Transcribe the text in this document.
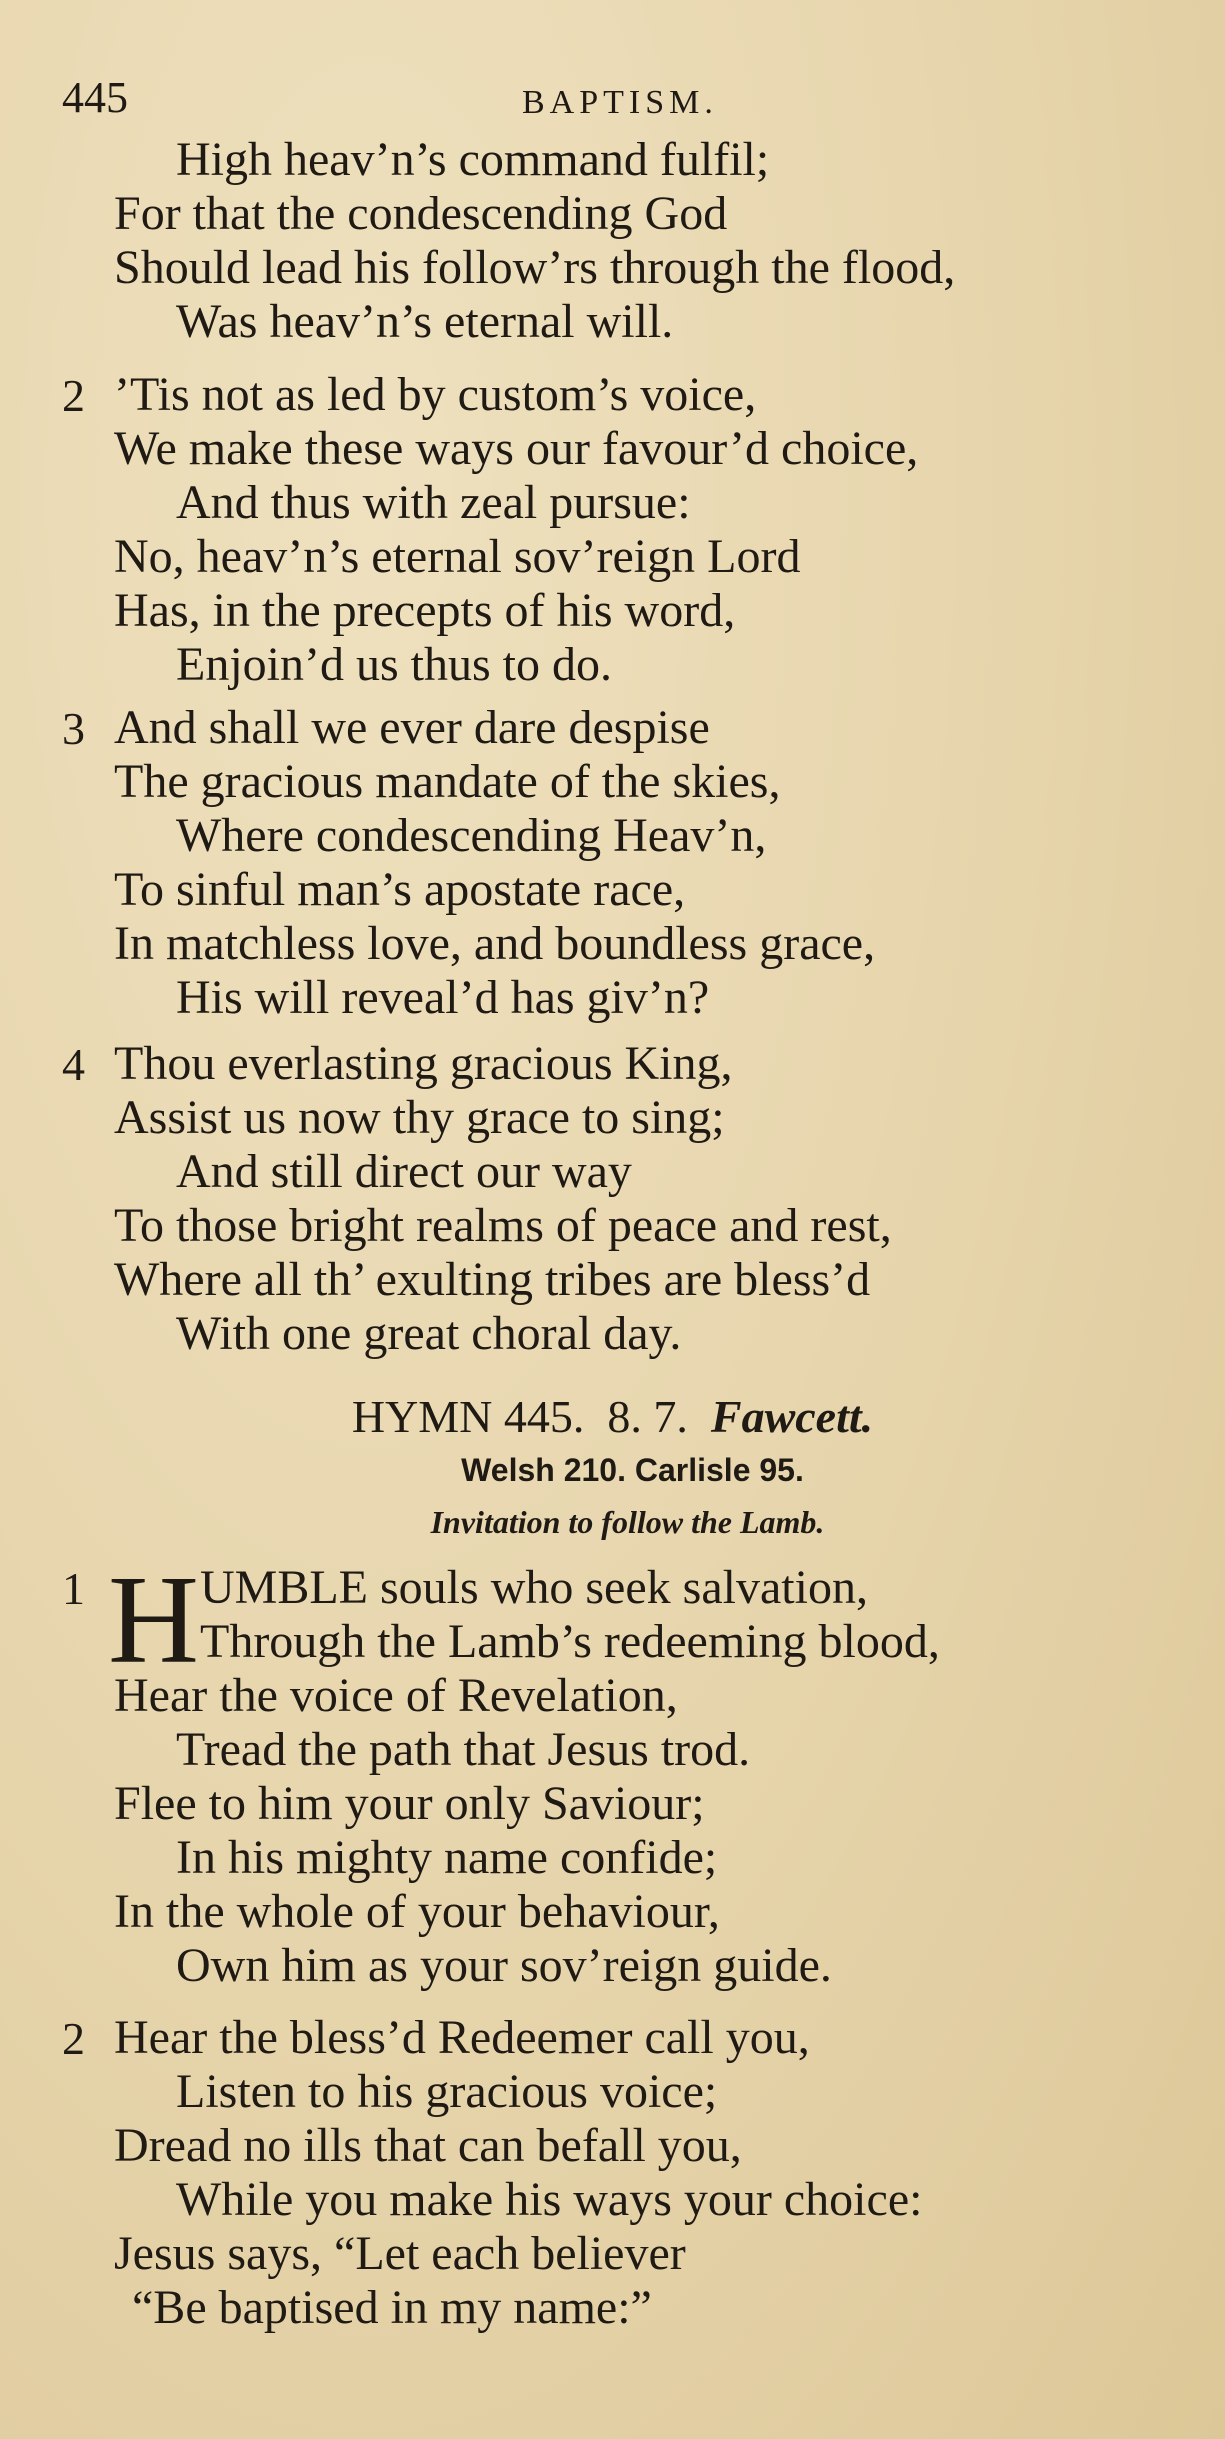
445	BAPTISM.
High heav’n’s command fulfil;
For that the condescending God
Should lead his follow’rs through the flood,
Was heav’n’s eternal will.
2 ’Tis not as led by custom’s voice,
We make these ways our favour’d choice,
And thus with zeal pursue:
No, heav’n’s eternal sov’reign Lord
Has, in the precepts of his word,
Enjoin’d us thus to do.
3 And shall we ever dare despise
The gracious mandate of the skies,
Where condescending Heav’n,
To sinful man’s apostate race,
In matchless love, and boundless grace,
His will reveal’d has giv’n?
4 Thou everlasting gracious King,
Assist us now thy grace to sing;
And still direct our way
To those bright realms of peace and rest,
Where all th’ exulting tribes are bless’d
With one great choral day.
HYMN 445. 8. 7. Fawcett.
Welsh 210. Carlisle 95.
Invitation to follow the Lamb.
1 H UMBLE souls who seek salvation,
Through the Lamb’s redeeming blood,
Hear the voice of Revelation,
Tread the path that Jesus trod.
Flee to him your only Saviour;
In his mighty name confide;
In the whole of your behaviour,
Own him as your sov’reign guide.
2 Hear the bless’d Redeemer call you,
Listen to his gracious voice;
Dread no ills that can befall you,
While you make his ways your choice:
Jesus says, “Let each believer
“Be baptised in my name:”
